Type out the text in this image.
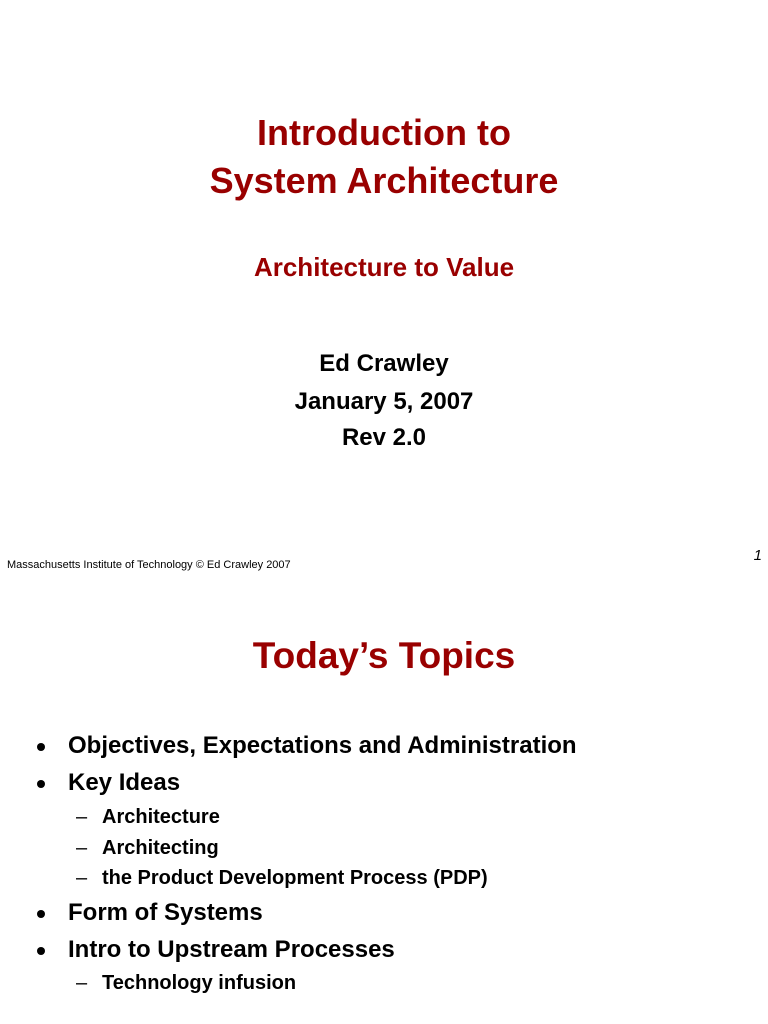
Introduction to
System Architecture
Architecture to Value
Ed Crawley
January 5, 2007
Rev 2.0
Massachusetts Institute of Technology © Ed Crawley 2007
1
Today’s Topics
Objectives, Expectations and Administration
Key Ideas
– Architecture
– Architecting
– the Product Development Process (PDP)
Form of Systems
Intro to Upstream Processes
– Technology infusion
